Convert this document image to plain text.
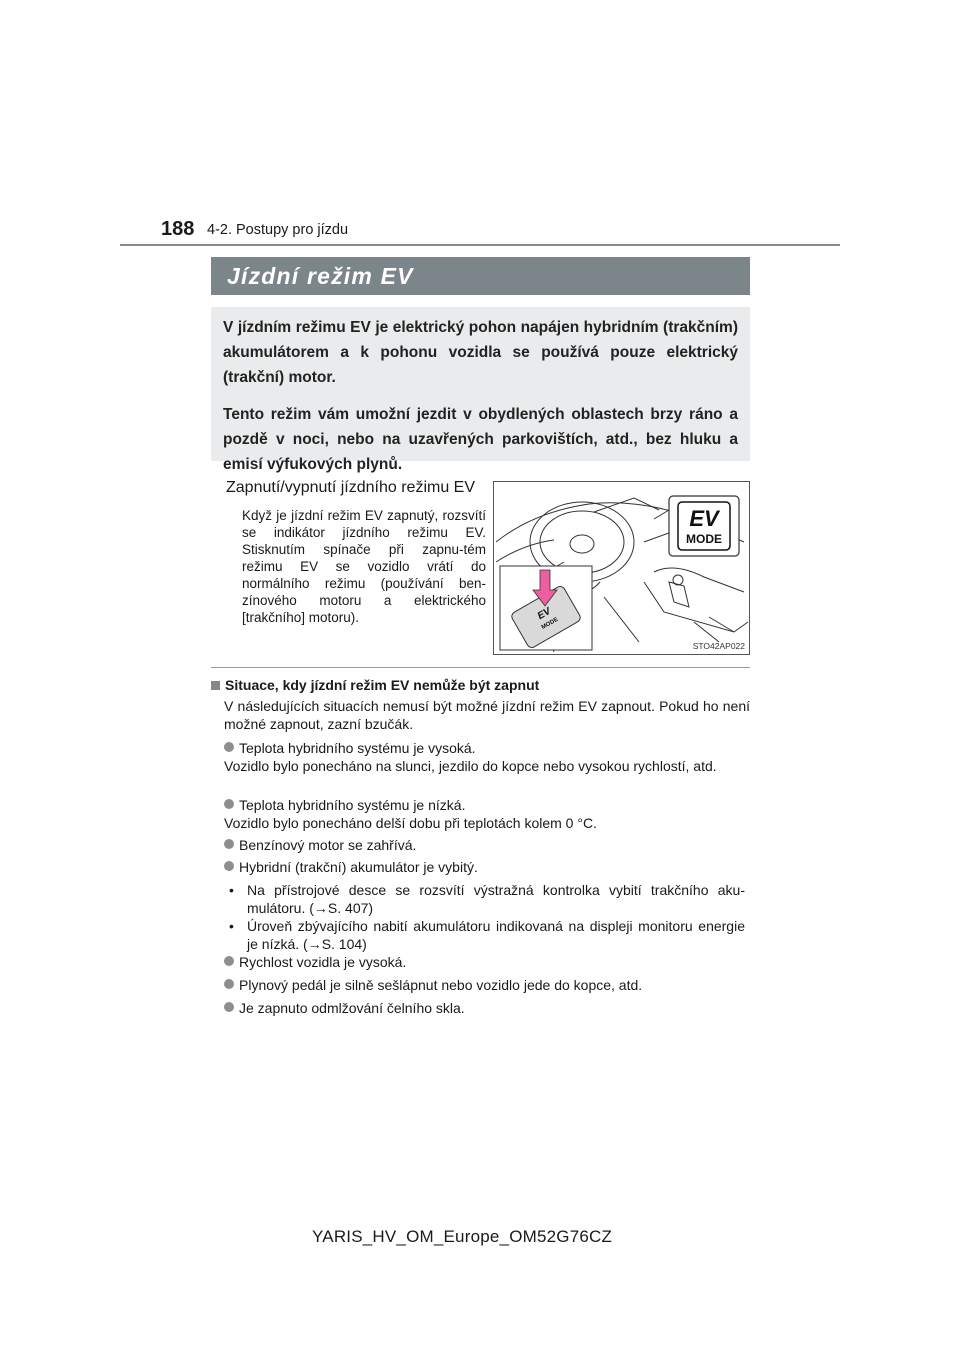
188 4-2. Postupy pro jízdu
Jízdní režim EV

V jízdním režimu EV je elektrický pohon napájen hybridním (trakčním) akumulátorem a k pohonu vozidla se používá pouze elektrický (trakční) motor.

Tento režim vám umožní jezdit v obydlených oblastech brzy ráno a pozdě v noci, nebo na uzavřených parkovištích, atd., bez hluku a emisí výfukových plynů.

Zapnutí/vypnutí jízdního režimu EV
Když je jízdní režim EV zapnutý, rozsvítí se indikátor jízdního režimu EV. Stisknutím spínače při zapnu-tém režimu EV se vozidlo vrátí do normálního režimu (používání ben-zínového motoru a elektrického [trakčního] motoru).
EV
MODE
EV
MODE
STO42AP022
Situace, kdy jízdní režim EV nemůže být zapnut
V následujících situacích nemusí být možné jízdní režim EV zapnout. Pokud ho není možné zapnout, zazní bzučák.
Teplota hybridního systému je vysoká.
Vozidlo bylo ponecháno na slunci, jezdilo do kopce nebo vysokou rychlostí, atd.
Teplota hybridního systému je nízká.
Vozidlo bylo ponecháno delší dobu při teplotách kolem 0 °C.
Benzínový motor se zahřívá.
Hybridní (trakční) akumulátor je vybitý.
• Na přístrojové desce se rozsvítí výstražná kontrolka vybití trakčního aku-mulátoru. (→S. 407)
• Úroveň zbývajícího nabití akumulátoru indikovaná na displeji monitoru energie je nízká. (→S. 104)
Rychlost vozidla je vysoká.
Plynový pedál je silně sešlápnut nebo vozidlo jede do kopce, atd.
Je zapnuto odmlžování čelního skla.
YARIS_HV_OM_Europe_OM52G76CZ
